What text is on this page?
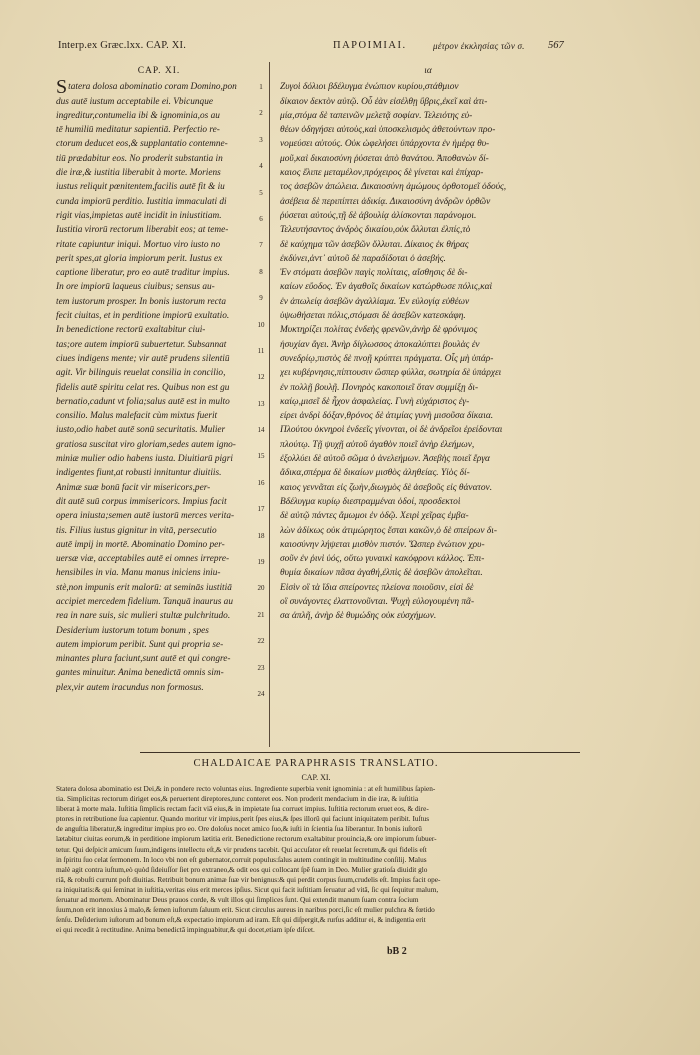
Interp.ex Græc.lxx. CAP. XI.	ΠΑΡΟΙΜΙΑΙ.	μέτρον ἐκκλησίας τῶν σ. 567
CAP. XI.
Statera dolosa abominatio coram Domino,pon
dus autē iustum acceptabile ei. Vbicunque
ingreditur,contumelia ibi & ignominia,os au
tē humiliū meditatur sapientiā. Perfectio re-
ctorum deducet eos,& supplantatio contemne-
tiū prædabitur eos. No proderit substantia in
die iræ,& iustitia liberabit à morte. Moriens
iustus reliquit pœnitentem,facilis autē fit & iu
cunda impiorū perditio. Iustitia immaculati di
rigit vias,impietas autē incidit in iniustitiam.
Iustitia virorū rectorum liberabit eos; at teme-
ritate capiuntur iniqui. Mortuo viro iusto no
perit spes,at gloria impiorum perit. Iustus ex
captione liberatur, pro eo autē traditur impius.
In ore impiorū laqueus ciuibus; sensus au-
tem iustorum prosper. In bonis iustorum recta
fecit ciuitas, et in perditione impiorū exultatio.
In benedictione rectorū exaltabitur ciui-
tas;ore autem impiorū subuertetur. Subsannat
ciues indigens mente; vir autē prudens silentiū
agit. Vir bilinguis reuelat consilia in concilio,
fidelis autē spiritu celat res. Quibus non est gu
bernatio,cadunt vt folia;salus autē est in multo
consilio. Malus malefacit cùm mixtus fuerit
iusto,odio habet autē sonū securitatis. Mulier
gratiosa suscitat viro gloriam,sedes autem igno-
miniæ mulier odio habens iusta. Diuitiarū pigri
indigentes fiunt,at robusti innituntur diuitiis.
Animæ suæ bonū facit vir misericors,per-
dit autē suū corpus immisericors. Impius facit
opera iniusta;semen autē iustorū merces verita-
tis. Filius iustus gignitur in vitā, persecutio
autē impij in mortē. Abominatio Domino per-
uersæ viæ, acceptabiles autē ei omnes irrepre-
hensibiles in via. Manu manus iniciens iniu-
stè,non impunis erit malorū: at seminās iustitiā
accipiet mercedem fidelium. Tanquā inaurus au
rea in nare suis, sic mulieri stultæ pulchritudo.
Desiderium iustorum totum bonum , spes
autem impiorum peribit. Sunt qui propria se-
minantes plura faciunt,sunt autē et qui congre-
gantes minuitur. Anima benedictā omnis sim-
plex,vir autem iracundus non formosus.
1
2
3
4
5
6
7
8
9
10
11
12
13
14
15
16
17
18
19
20
21
22
23
24
ια
Ζυγοὶ δόλιοι βδέλυγμα ἐνώπιον κυρίου,στάθμιον
δίκαιον δεκτὸν αὐτῷ. Οὗ ἐὰν εἰσέλθῃ ὕβρις,ἐκεῖ καὶ ἀτι-
μία,στόμα δὲ ταπεινῶν μελετᾷ σοφίαν. Τελειότης εὐ-
θέων ὁδηγήσει αὐτοὺς,καὶ ὑποσκελισμὸς ἀθετούντων προ-
νομεύσει αὐτούς. Οὐκ ὠφελήσει ὑπάρχοντα ἐν ἡμέρᾳ θυ-
μοῦ,καὶ δικαιοσύνη ῥύσεται ἀπὸ θανάτου. Ἀποθανὼν δί-
καιος ἔλιπε μεταμέλον,πρόχειρος δὲ γίνεται καὶ ἐπίχαρ-
τος ἀσεβῶν ἀπώλεια. Δικαιοσύνη ἀμώμους ὀρθοτομεῖ ὁδούς,
ἀσέβεια δὲ περιπίπτει ἀδικίᾳ. Δικαιοσύνη ἀνδρῶν ὀρθῶν
ῥύσεται αὐτούς,τῇ δὲ ἀβουλίᾳ ἁλίσκονται παράνομοι.
Τελευτήσαντος ἀνδρὸς δικαίου,οὐκ ὄλλυται ἐλπίς,τὸ
δὲ καύχημα τῶν ἀσεβῶν ὄλλυται. Δίκαιος ἐκ θήρας
ἐκδύνει,ἀντ᾽ αὐτοῦ δὲ παραδίδοται ὁ ἀσεβής.
Ἐν στόματι ἀσεβῶν παγὶς πολίταις, αἴσθησις δὲ δι-
καίων εὔοδος. Ἐν ἀγαθοῖς δικαίων κατώρθωσε πόλις,καὶ
ἐν ἀπωλείᾳ ἀσεβῶν ἀγαλλίαμα. Ἐν εὐλογίᾳ εὐθέων
ὑψωθήσεται πόλις,στόμασι δὲ ἀσεβῶν κατεσκάφη.
Μυκτηρίζει πολίτας ἐνδεὴς φρενῶν,ἀνὴρ δὲ φρόνιμος
ἡσυχίαν ἄγει. Ἀνὴρ δίγλωσσος ἀποκαλύπτει βουλὰς ἐν
συνεδρίῳ,πιστὸς δὲ πνοῇ κρύπτει πράγματα. Οἷς μὴ ὑπάρ-
χει κυβέρνησις,πίπτουσιν ὥσπερ φύλλα, σωτηρία δὲ ὑπάρχει
ἐν πολλῇ βουλῇ. Πονηρὸς κακοποιεῖ ὅταν συμμίξῃ δι-
καίῳ,μισεῖ δὲ ἦχον ἀσφαλείας. Γυνὴ εὐχάριστος ἐγ-
είρει ἀνδρὶ δόξαν,θρόνος δὲ ἀτιμίας γυνὴ μισοῦσα δίκαια.
Πλούτου ὀκνηροὶ ἐνδεεῖς γίνονται, οἱ δὲ ἀνδρεῖοι ἐρείδονται
πλούτῳ. Τῇ ψυχῇ αὐτοῦ ἀγαθὸν ποιεῖ ἀνὴρ ἐλεήμων,
ἐξολλύει δὲ αὐτοῦ σῶμα ὁ ἀνελεήμων. Ἀσεβὴς ποιεῖ ἔργα
ἄδικα,σπέρμα δὲ δικαίων μισθὸς ἀληθείας. Υἱὸς δί-
καιος γεννᾶται εἰς ζωὴν,διωγμὸς δὲ ἀσεβοῦς εἰς θάνατον.
Βδέλυγμα κυρίῳ διεστραμμέναι ὁδοί, προσδεκτοὶ
δὲ αὐτῷ πάντες ἄμωμοι ἐν ὁδῷ. Χειρὶ χεῖρας ἐμβα-
λὼν ἀδίκως οὐκ ἀτιμώρητος ἔσται κακῶν,ὁ δὲ σπείρων δι-
καιοσύνην λήψεται μισθὸν πιστόν. Ὥσπερ ἐνώτιον χρυ-
σοῦν ἐν ῥινὶ ὑός, οὕτω γυναικὶ κακόφρονι κάλλος. Ἐπι-
θυμία δικαίων πᾶσα ἀγαθή,ἐλπὶς δὲ ἀσεβῶν ἀπολεῖται.
Εἰσὶν οἳ τὰ ἴδια σπείροντες πλείονα ποιοῦσιν, εἰσὶ δὲ
οἳ συνάγοντες ἐλαττονοῦνται. Ψυχὴ εὐλογουμένη πᾶ-
σα ἁπλῆ, ἀνὴρ δὲ θυμώδης οὐκ εὐσχήμων.
CHALDAICAE PARAPHRASIS TRANSLATIO.
CAP. XI.
Statera dolosa abominatio est Dei,& in pondere recto voluntas eius. Ingrediente superbia venit ignominia : at eſt humilibus ſapien-
tia. Simplicitas rectorum diriget eos,& peruertent direptores,tunc conteret eos. Non proderit mendacium in die iræ, & iuſtitia
liberat à morte mala. Iuſtitia ſimplicis rectam facit viā eius,& in impietate ſua corruet impius. Iuſtitia rectorum eruet eos, & dire-
ptores in retributione ſua capientur. Quando moritur vir impius,perit ſpes eius,& ſpes illorū qui faciunt iniquitatem peribit. Iuſtus
de anguſtia liberatur,& ingreditur impius pro eo. Ore doloſus nocet amico ſuo,& iuſti in ſcientia ſua liberantur. In bonis iuſtorū
lætabitur ciuitas eorum,& in perditione impiorum lætitia erit. Benedictione rectorum exaltabitur prouincia,& ore impiorum ſubuer-
tetur. Qui deſpicit amicum ſuum,indigens intellectu eſt,& vir prudens tacebit. Qui accuſator eſt reuelat ſecretum,& qui fidelis eſt
in ſpiritu ſuo celat ſermonem. In loco vbi non eſt gubernator,corruit populus:ſalus autem contingit in multitudine conſilij. Malus
malè agit contra iuſtum,eò quòd ſideiuſſor ſiet pro extraneo,& odit eos qui collocant ſpē ſuam in Deo. Mulier gratioſa diuidit glo
riā, & robuſti currunt poſt diuitias. Retribuit bonum animæ ſuæ vir benignus:& qui perdit corpus ſuum,crudelis eſt. Impius facit ope-
ra iniquitatis:& qui ſeminat in iuſtitia,veritas eius erit merces ipſius. Sicut qui facit iuſtitiam ſeruatur ad vitā, ſic qui ſequitur malum,
ſeruatur ad mortem. Abominatur Deus prauos corde, & vult illos qui ſimplices ſunt. Qui extendit manum ſuam contra ſocium
ſuum,non erit innoxius à malo,& ſemen iuſtorum ſaluum erit. Sicut circulus aureus in naribus porci,ſic eſt mulier pulchra & fœtido
ſenſu. Deſiderium iuſtorum ad bonum eſt,& expectatio impiorum ad iram. Eſt qui diſpergit,& rurſus additur ei, & indigentia erit
ei qui recedit à rectitudine. Anima benedictā impinguabitur,& qui docet,etiam ipſe diſcet.
bB 2
